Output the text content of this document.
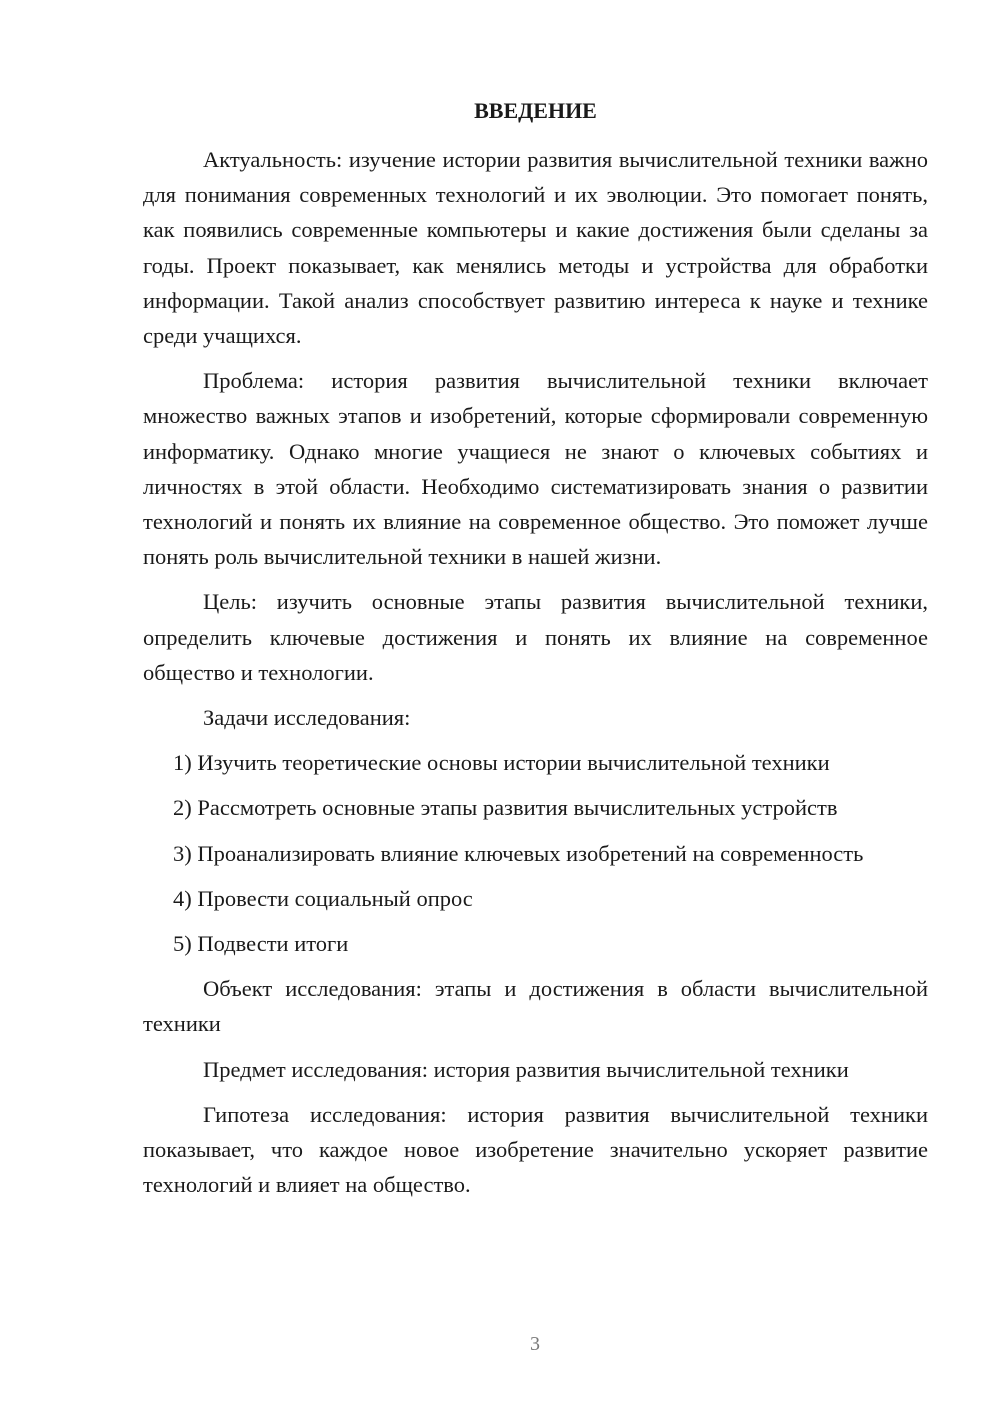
ВВЕДЕНИЕ

Актуальность: изучение истории развития вычислительной техники важно для понимания современных технологий и их эволюции. Это помогает понять, как появились современные компьютеры и какие достижения были сделаны за годы. Проект показывает, как менялись методы и устройства для обработки информации. Такой анализ способствует развитию интереса к науке и технике среди учащихся.

Проблема: история развития вычислительной техники включает множество важных этапов и изобретений, которые сформировали современную информатику. Однако многие учащиеся не знают о ключевых событиях и личностях в этой области. Необходимо систематизировать знания о развитии технологий и понять их влияние на современное общество. Это поможет лучше понять роль вычислительной техники в нашей жизни.

Цель: изучить основные этапы развития вычислительной техники, определить ключевые достижения и понять их влияние на современное общество и технологии.

Задачи исследования:

1) Изучить теоретические основы истории вычислительной техники

2) Рассмотреть основные этапы развития вычислительных устройств

3) Проанализировать влияние ключевых изобретений на современность

4) Провести социальный опрос

5) Подвести итоги

Объект исследования: этапы и достижения в области вычислительной техники

Предмет исследования: история развития вычислительной техники

Гипотеза исследования: история развития вычислительной техники показывает, что каждое новое изобретение значительно ускоряет развитие технологий и влияет на общество.

3
